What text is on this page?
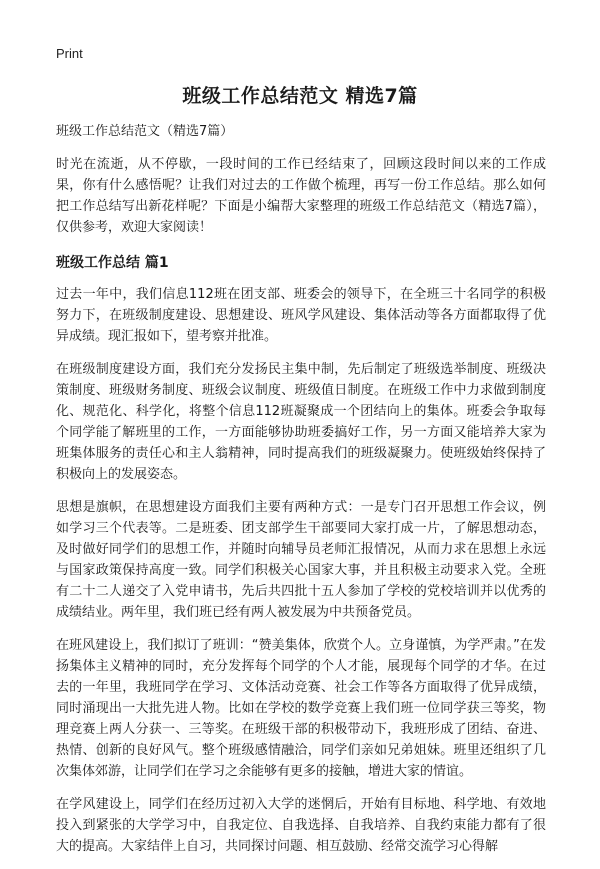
Print
班级工作总结范文 精选7篇

班级工作总结范文（精选7篇）

时光在流逝，从不停歇，一段时间的工作已经结束了，回顾这段时间以来的工作成果，你有什么感悟呢？让我们对过去的工作做个梳理，再写一份工作总结。那么如何把工作总结写出新花样呢？下面是小编帮大家整理的班级工作总结范文（精选7篇），仅供参考，欢迎大家阅读！

班级工作总结 篇1

过去一年中，我们信息112班在团支部、班委会的领导下，在全班三十名同学的积极努力下，在班级制度建设、思想建设、班风学风建设、集体活动等各方面都取得了优异成绩。现汇报如下，望考察并批准。

在班级制度建设方面，我们充分发扬民主集中制，先后制定了班级选举制度、班级决策制度、班级财务制度、班级会议制度、班级值日制度。在班级工作中力求做到制度化、规范化、科学化，将整个信息112班凝聚成一个团结向上的集体。班委会争取每个同学能了解班里的工作，一方面能够协助班委搞好工作，另一方面又能培养大家为班集体服务的责任心和主人翁精神，同时提高我们的班级凝聚力。使班级始终保持了积极向上的发展姿态。

思想是旗帜，在思想建设方面我们主要有两种方式：一是专门召开思想工作会议，例如学习三个代表等。二是班委、团支部学生干部要同大家打成一片，了解思想动态，及时做好同学们的思想工作，并随时向辅导员老师汇报情况，从而力求在思想上永远与国家政策保持高度一致。同学们积极关心国家大事，并且积极主动要求入党。全班有二十二人递交了入党申请书，先后共四批十五人参加了学校的党校培训并以优秀的成绩结业。两年里，我们班已经有两人被发展为中共预备党员。

在班风建设上，我们拟订了班训：“赞美集体，欣赏个人。立身谨慎，为学严肃。”在发扬集体主义精神的同时，充分发挥每个同学的个人才能，展现每个同学的才华。在过去的一年里，我班同学在学习、文体活动竞赛、社会工作等各方面取得了优异成绩，同时涌现出一大批先进人物。比如在学校的数学竞赛上我们班一位同学获三等奖，物理竞赛上两人分获一、三等奖。在班级干部的积极带动下，我班形成了团结、奋进、热情、创新的良好风气。整个班级感情融洽，同学们亲如兄弟姐妹。班里还组织了几次集体郊游，让同学们在学习之余能够有更多的接触，增进大家的情谊。

在学风建设上，同学们在经历过初入大学的迷惘后，开始有目标地、科学地、有效地投入到紧张的大学学习中，自我定位、自我选择、自我培养、自我约束能力都有了很大的提高。大家结伴上自习，共同探讨问题、相互鼓励、经常交流学习心得解
